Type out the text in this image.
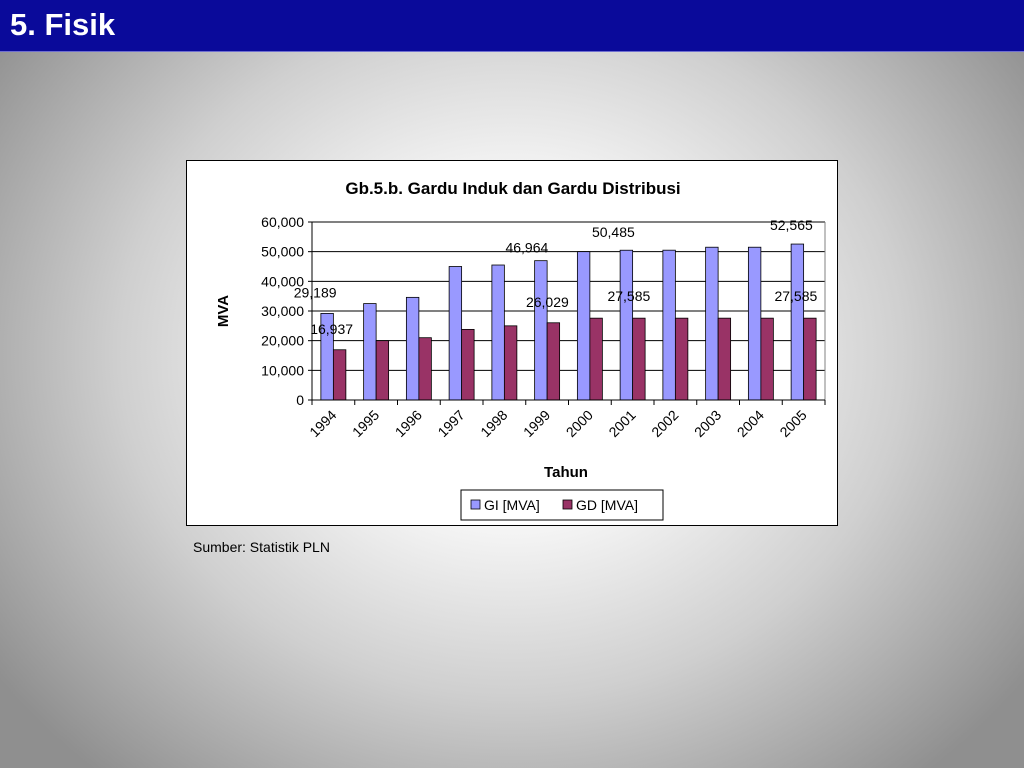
5. Fisik
Gb.5.b. Gardu Induk dan Gardu Distribusi
MVA
Tahun
0
10,000
20,000
30,000
40,000
50,000
60,000
1994 1995 1996 1997 1998 1999 2000 2001 2002 2003 2004 2005
29,189
16,937
46,964
26,029
50,485
27,585
52,565
27,585
GI [MVA]	GD [MVA]
Sumber: Statistik PLN
